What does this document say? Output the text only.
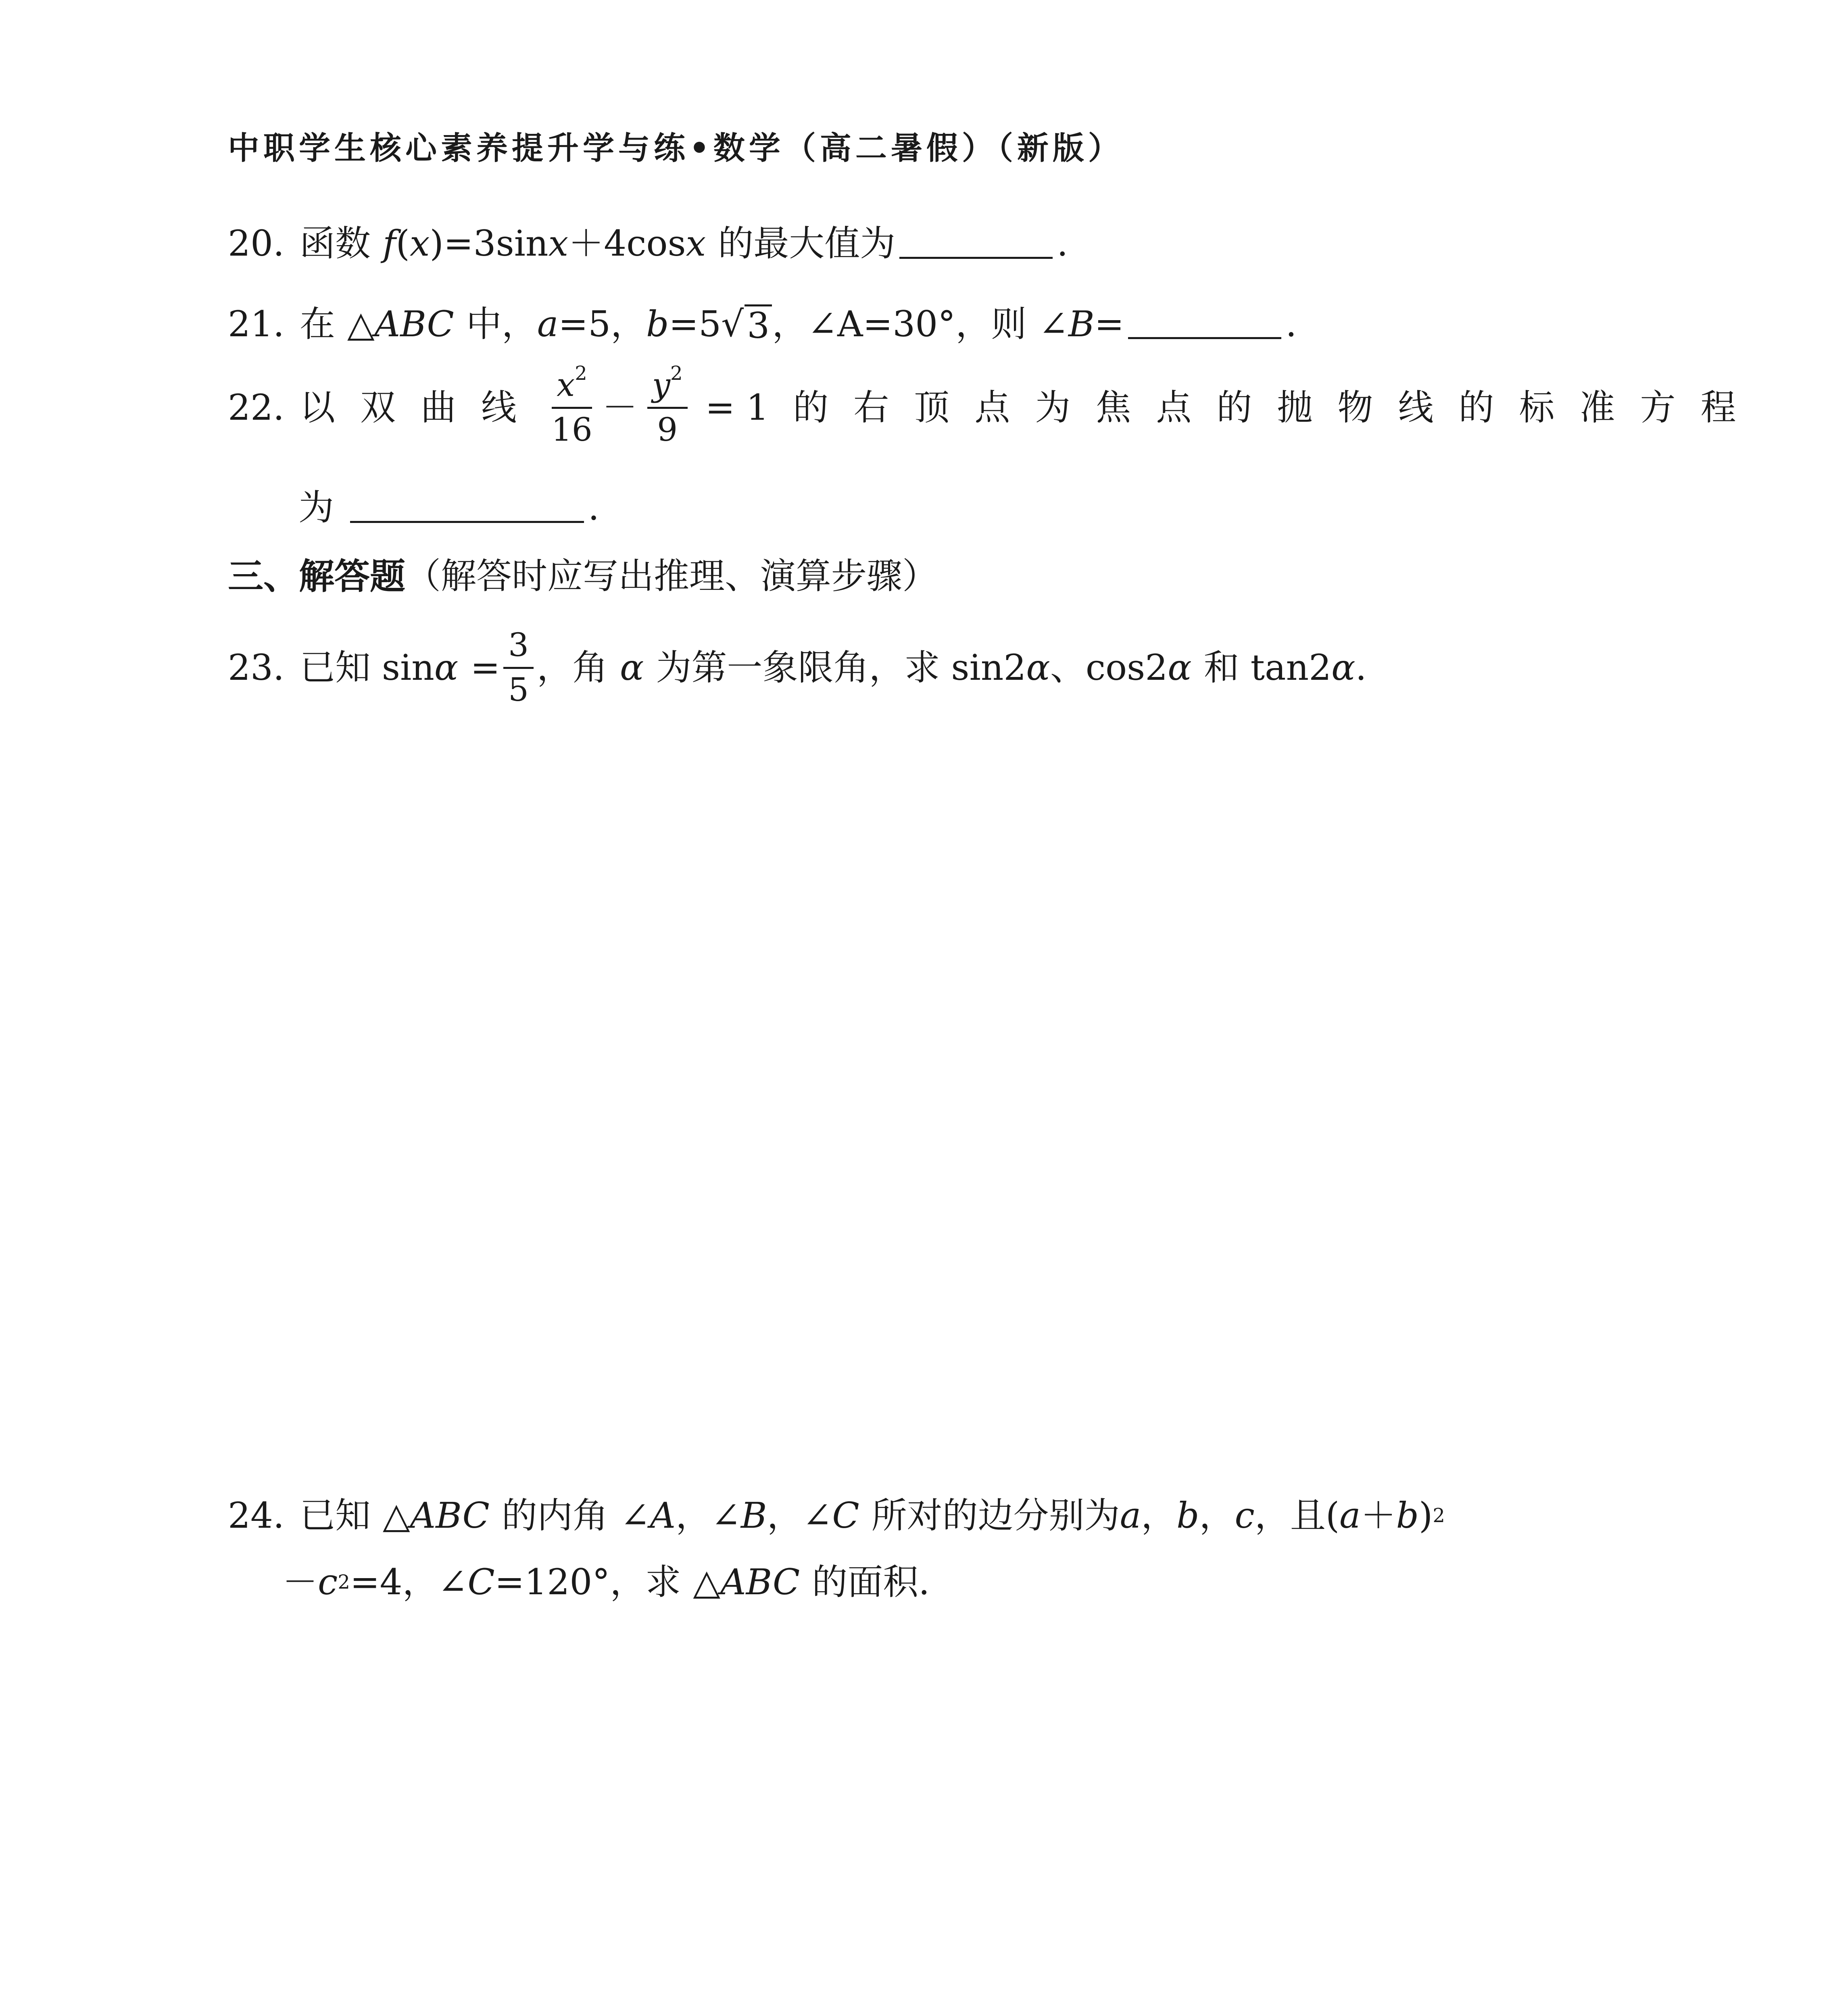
中职学生核心素养提升学与练•数学（高二暑假）（新版）
20. 函数 f ( x ) =3sin x ＋4cos x 的最大值为	.
21. 在 △ ABC 中， a =5， b =5 √ 3 ， ∠A =30°，则 ∠ B =	.
22. 以 双 曲 线	$\frac{x^2}{16} - \frac{y^2}{9} = 1$ 的 右 顶 点 为 焦 点 的 抛 物 线 的 标 准 方 程
为	.
三、解答题 （解答时应写出推理、演算步骤）
23. 已知 $\sin \alpha = \frac{3}{5}$ ，角 α 为第一象限角，求 sin2 α 、cos2 α 和 tan2 α .
24. 已知 △ ABC 的内角 ∠ A ， ∠ B ， ∠ C 所对的边分别为 a ， b ， c ，且( a ＋ b ) 2
－ c 2 =4， ∠ C =120°，求 △ ABC 的面积.
